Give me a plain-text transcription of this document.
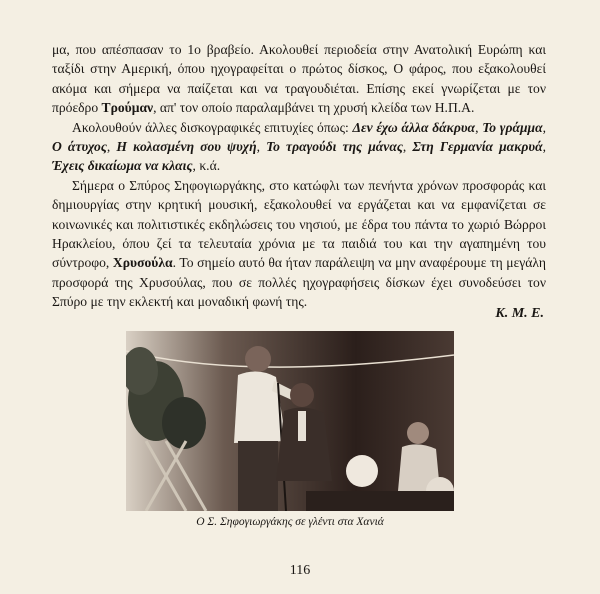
μα, που απέσπασαν το 1ο βραβείο. Ακολουθεί περιοδεία στην Ανατολική Ευρώπη και ταξίδι στην Αμερική, όπου ηχογραφείται ο πρώτος δίσκος, Ο φάρος, που εξακολουθεί ακόμα και σήμερα να παίζεται και να τραγουδιέται. Επίσης εκεί γνωρίζεται με τον πρόεδρο Τρούμαν, απ' τον οποίο παραλαμβάνει τη χρυσή κλείδα των Η.Π.Α.

Ακολουθούν άλλες δισκογραφικές επιτυχίες όπως: Δεν έχω άλλα δάκρυα, Το γράμμα, Ο άτυχος, Η κολασμένη σου ψυχή, Το τραγούδι της μάνας, Στη Γερμανία μακρυά, Έχεις δικαίωμα να κλαις, κ.ά.

Σήμερα ο Σπύρος Σηφογιωργάκης, στο κατώφλι των πενήντα χρόνων προσφοράς και δημιουργίας στην κρητική μουσική, εξακολουθεί να εργάζεται και να εμφανίζεται σε κοινωνικές και πολιτιστικές εκδηλώσεις του νησιού, με έδρα του πάντα το χωριό Βώρροι Ηρακλείου, όπου ζεί τα τελευταία χρόνια με τα παιδιά του και την αγαπημένη του σύντροφο, Χρυσούλα. Το σημείο αυτό θα ήταν παράλειψη να μην αναφέρουμε τη μεγάλη προσφορά της Χρυσούλας, που σε πολλές ηχογραφήσεις δίσκων έχει συνοδεύσει τον Σπύρο με την εκλεκτή και μοναδική φωνή της.

Κ. Μ. Ε.
Ο Σ. Σηφογιωργάκης σε γλέντι στα Χανιά
116
